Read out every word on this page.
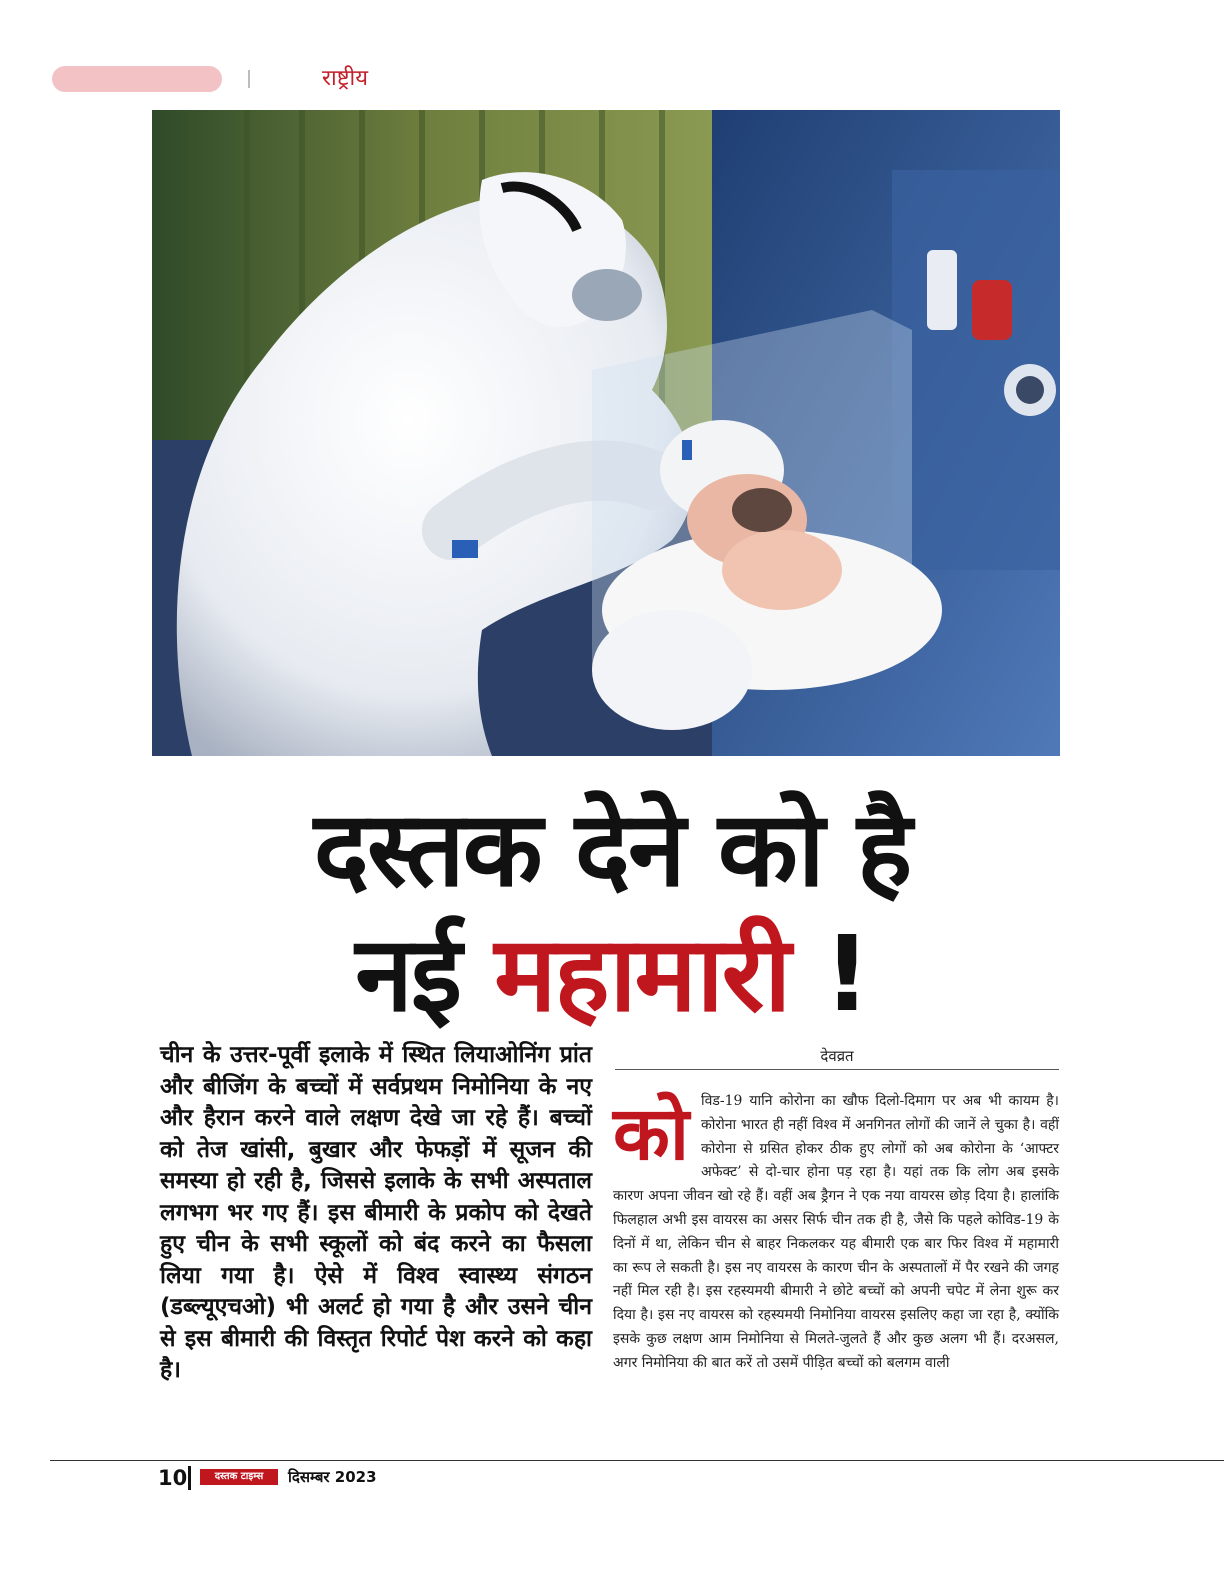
राष्ट्रीय
दस्तक देने को है
नई महामारी !
चीन के उत्तर-पूर्वी इलाके में स्थित लियाओनिंग प्रांत और बीजिंग के बच्चों में सर्वप्रथम निमोनिया के नए और हैरान करने वाले लक्षण देखे जा रहे हैं। बच्चों को तेज खांसी, बुखार और फेफड़ों में सूजन की समस्या हो रही है, जिससे इलाके के सभी अस्पताल लगभग भर गए हैं। इस बीमारी के प्रकोप को देखते हुए चीन के सभी स्कूलों को बंद करने का फैसला लिया गया है। ऐसे में विश्व स्वास्थ्य संगठन (डब्ल्यूएचओ) भी अलर्ट हो गया है और उसने चीन से इस बीमारी की विस्तृत रिपोर्ट पेश करने को कहा है।
देवव्रत
कोविड-19 यानि कोरोना का खौफ दिलो-दिमाग पर अब भी कायम है। कोरोना भारत ही नहीं विश्व में अनगिनत लोगों की जानें ले चुका है। वहीं कोरोना से ग्रसित होकर ठीक हुए लोगों को अब कोरोना के ‘आफ्टर अफेक्ट’ से दो-चार होना पड़ रहा है। यहां तक कि लोग अब इसके कारण अपना जीवन खो रहे हैं। वहीं अब ड्रैगन ने एक नया वायरस छोड़ दिया है। हालांकि फिलहाल अभी इस वायरस का असर सिर्फ चीन तक ही है, जैसे कि पहले कोविड-19 के दिनों में था, लेकिन चीन से बाहर निकलकर यह बीमारी एक बार फिर विश्व में महामारी का रूप ले सकती है। इस नए वायरस के कारण चीन के अस्पतालों में पैर रखने की जगह नहीं मिल रही है। इस रहस्यमयी बीमारी ने छोटे बच्चों को अपनी चपेट में लेना शुरू कर दिया है। इस नए वायरस को रहस्यमयी निमोनिया वायरस इसलिए कहा जा रहा है, क्योंकि इसके कुछ लक्षण आम निमोनिया से मिलते-जुलते हैं और कुछ अलग भी हैं। दरअसल, अगर निमोनिया की बात करें तो उसमें पीड़ित बच्चों को बलगम वाली
10	दस्तक टाइम्स	दिसम्बर 2023
